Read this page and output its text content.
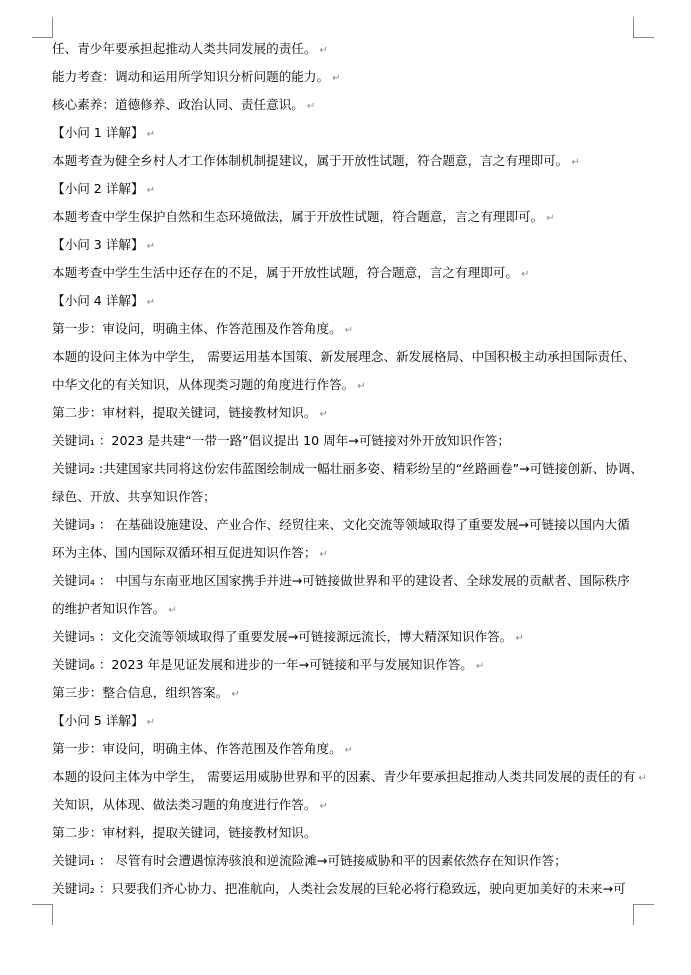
任、青少年要承担起推动人类共同发展的责任。 ↵
能力考查：调动和运用所学知识分析问题的能力。 ↵
核心素养：道德修养、政治认同、责任意识。 ↵
【小问 1 详解】 ↵
本题考查为健全乡村人才工作体制机制提建议，属于开放性试题，符合题意，言之有理即可。 ↵
【小问 2 详解】 ↵
本题考查中学生保护自然和生态环境做法，属于开放性试题，符合题意，言之有理即可。 ↵
【小问 3 详解】 ↵
本题考查中学生生活中还存在的不足，属于开放性试题，符合题意，言之有理即可。 ↵
【小问 4 详解】 ↵
第一步：审设问，明确主体、作答范围及作答角度。 ↵
本题的设问主体为中学生， 需要运用基本国策、新发展理念、新发展格局、中国积极主动承担国际责任、
中华文化的有关知识，从体现类习题的角度进行作答。 ↵
第二步：审材料，提取关键词，链接教材知识。 ↵
关键词₁ ：2023 是共建“一带一路”倡议提出 10 周年→可链接对外开放知识作答；
关键词₂ :共建国家共同将这份宏伟蓝图绘制成一幅壮丽多姿、精彩纷呈的“丝路画卷”→可链接创新、协调、
绿色、开放、共享知识作答；
关键词₃ ： 在基础设施建设、产业合作、经贸往来、文化交流等领域取得了重要发展→可链接以国内大循
环为主体、国内国际双循环相互促进知识作答； ↵
关键词₄ ： 中国与东南亚地区国家携手并进→可链接做世界和平的建设者、全球发展的贡献者、国际秩序
的维护者知识作答。 ↵
关键词₅ ：文化交流等领域取得了重要发展→可链接源远流长，博大精深知识作答。 ↵
关键词₆ ：2023 年是见证发展和进步的一年→可链接和平与发展知识作答。 ↵
第三步：整合信息，组织答案。 ↵
【小问 5 详解】 ↵
第一步：审设问，明确主体、作答范围及作答角度。 ↵
本题的设问主体为中学生， 需要运用威胁世界和平的因素、青少年要承担起推动人类共同发展的责任的有 ↵
关知识，从体现、做法类习题的角度进行作答。 ↵
第二步：审材料，提取关键词，链接教材知识。
关键词₁ ： 尽管有时会遭遇惊涛骇浪和逆流险滩→可链接威胁和平的因素依然存在知识作答；
关键词₂ ：只要我们齐心协力、把准航向，人类社会发展的巨轮必将行稳致远，驶向更加美好的未来→可
